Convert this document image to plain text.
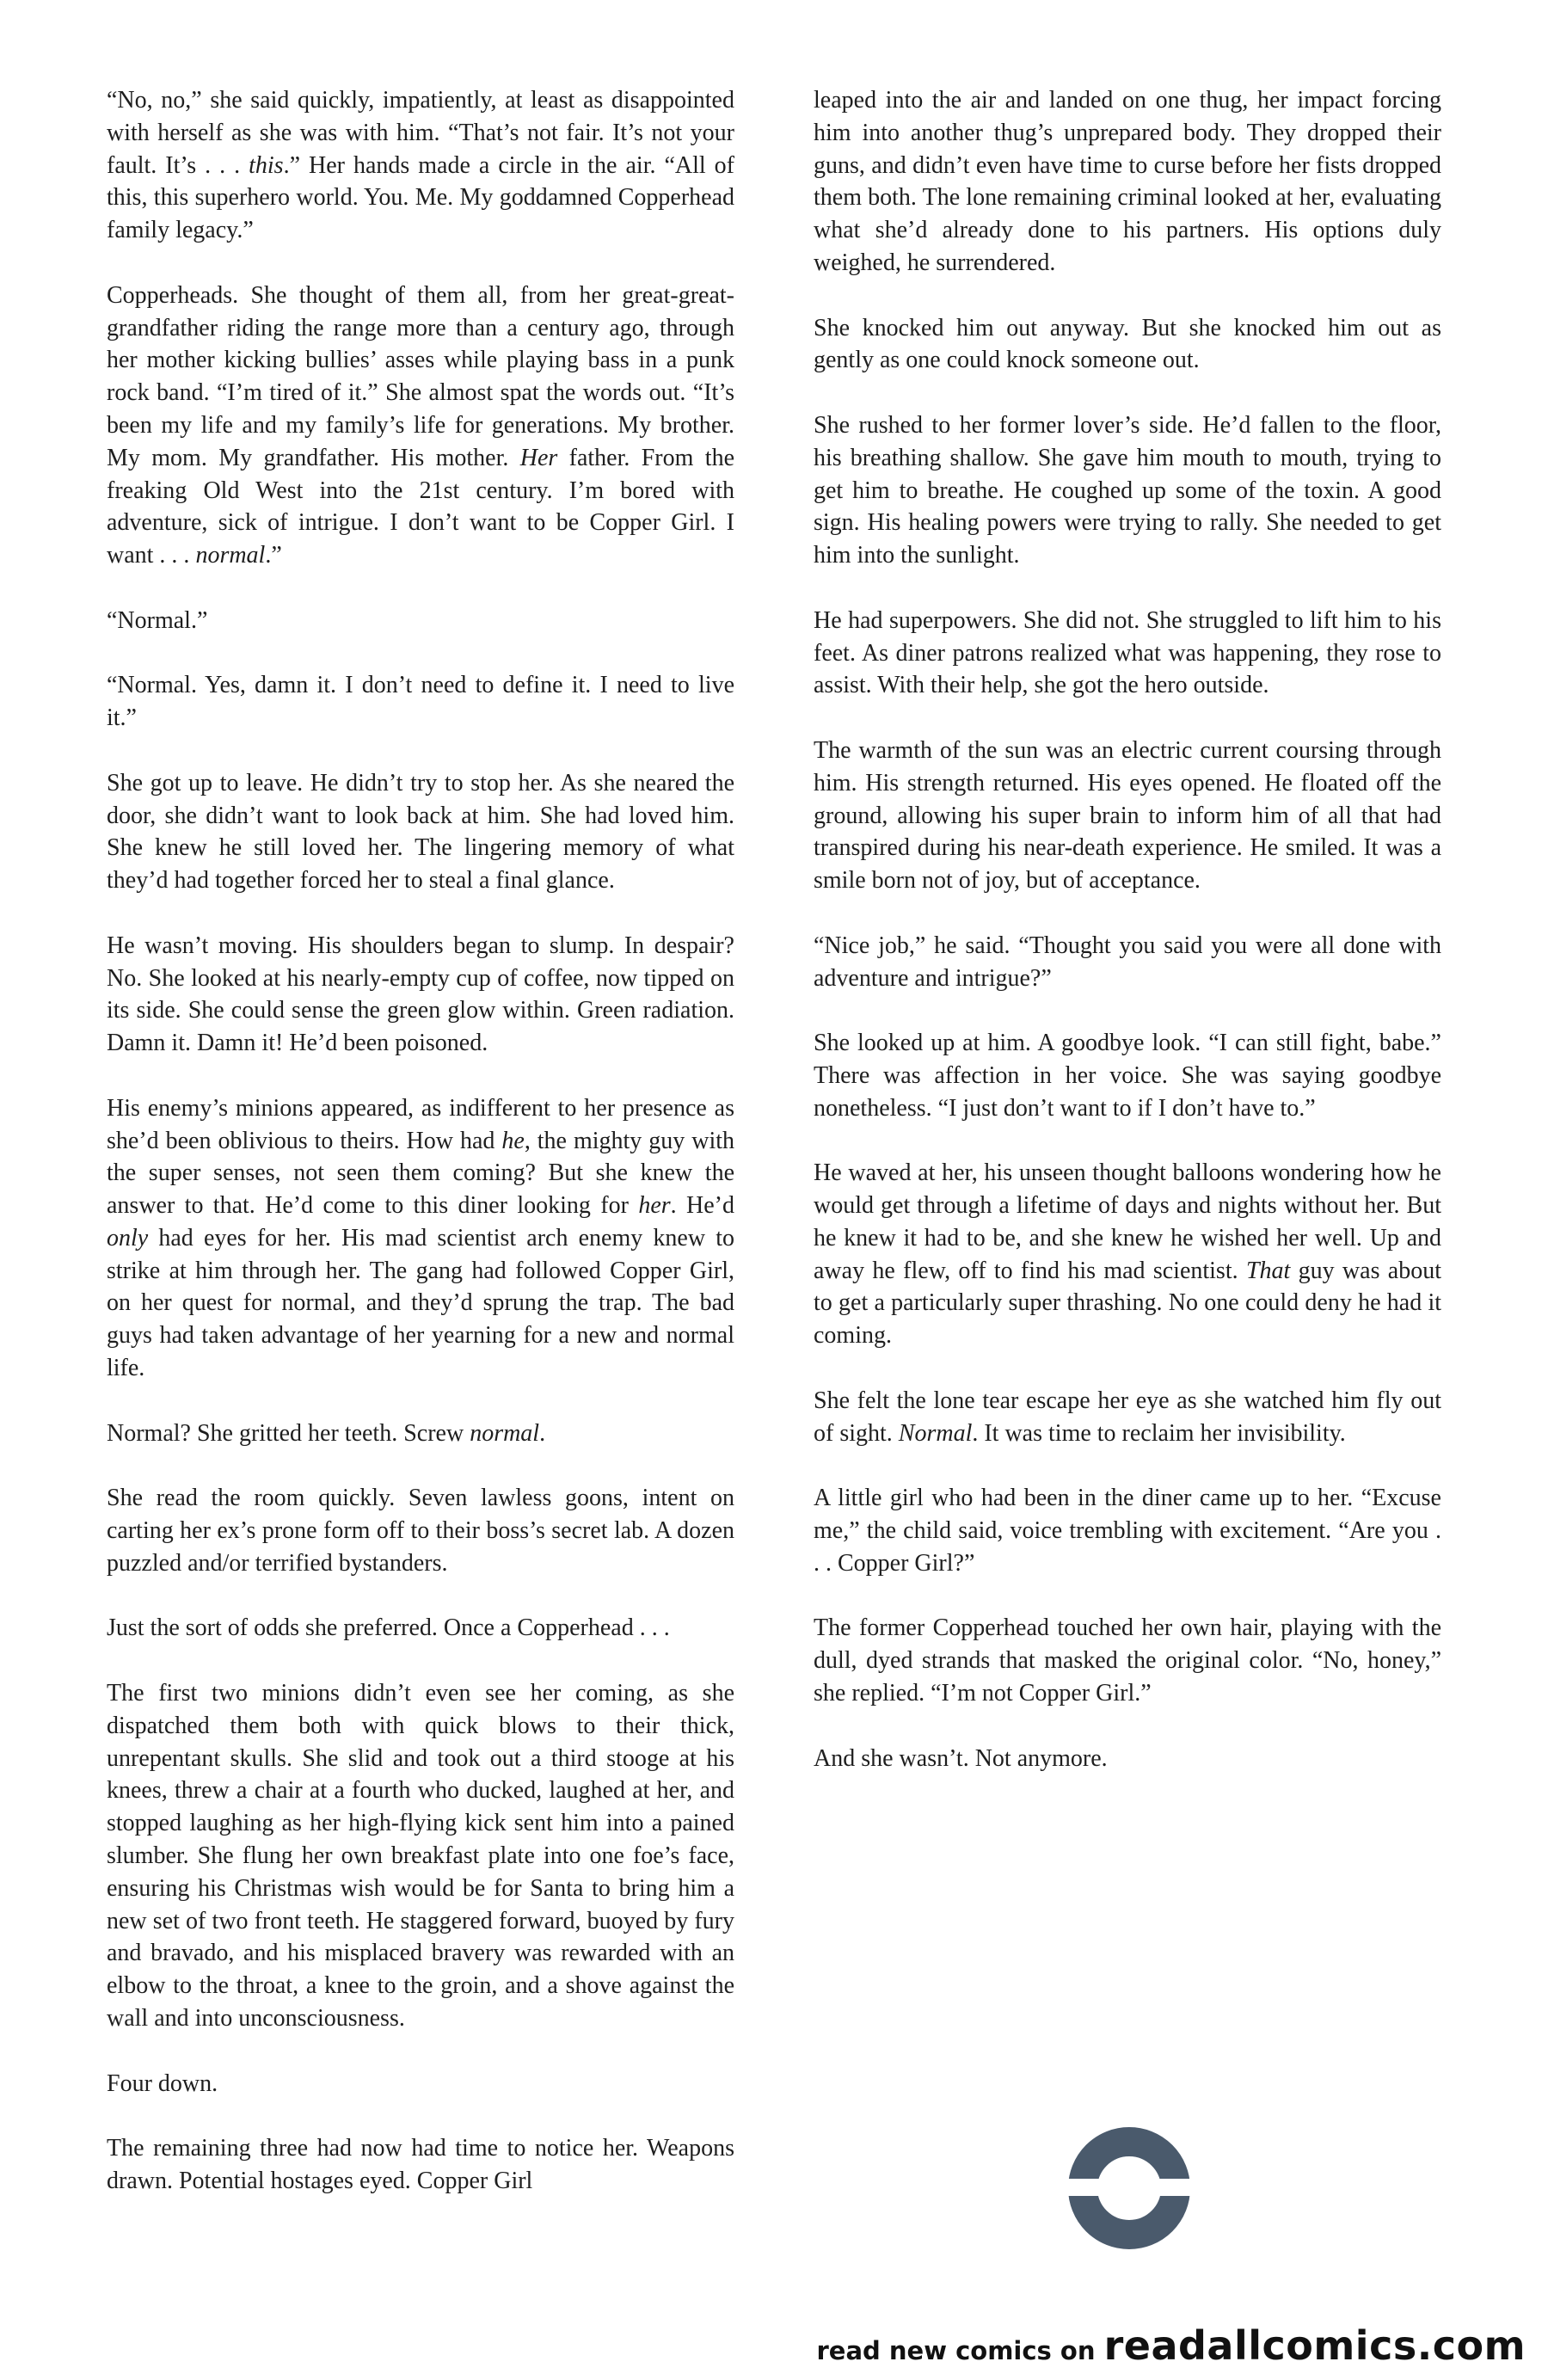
“No, no,” she said quickly, impatiently, at least as disappointed with herself as she was with him. “That’s not fair. It’s not your fault. It’s . . . this.” Her hands made a circle in the air. “All of this, this superhero world. You. Me. My goddamned Copperhead family legacy.”

Copperheads. She thought of them all, from her great-great-grandfather riding the range more than a century ago, through her mother kicking bullies’ asses while playing bass in a punk rock band. “I’m tired of it.” She almost spat the words out. “It’s been my life and my family’s life for generations. My brother. My mom. My grandfather. His mother. Her father. From the freaking Old West into the 21st century. I’m bored with adventure, sick of intrigue. I don’t want to be Copper Girl. I want . . . normal.”

“Normal.”

“Normal. Yes, damn it. I don’t need to define it. I need to live it.”

She got up to leave. He didn’t try to stop her. As she neared the door, she didn’t want to look back at him. She had loved him. She knew he still loved her. The lingering memory of what they’d had together forced her to steal a final glance.

He wasn’t moving. His shoulders began to slump. In despair? No. She looked at his nearly-empty cup of coffee, now tipped on its side. She could sense the green glow within. Green radiation. Damn it. Damn it! He’d been poisoned.

His enemy’s minions appeared, as indifferent to her presence as she’d been oblivious to theirs. How had he, the mighty guy with the super senses, not seen them coming? But she knew the answer to that. He’d come to this diner looking for her. He’d only had eyes for her. His mad scientist arch enemy knew to strike at him through her. The gang had followed Copper Girl, on her quest for normal, and they’d sprung the trap. The bad guys had taken advantage of her yearning for a new and normal life.

Normal? She gritted her teeth. Screw normal.

She read the room quickly. Seven lawless goons, intent on carting her ex’s prone form off to their boss’s secret lab. A dozen puzzled and/or terrified bystanders.

Just the sort of odds she preferred. Once a Copperhead . . .

The first two minions didn’t even see her coming, as she dispatched them both with quick blows to their thick, unrepentant skulls. She slid and took out a third stooge at his knees, threw a chair at a fourth who ducked, laughed at her, and stopped laughing as her high-flying kick sent him into a pained slumber. She flung her own breakfast plate into one foe’s face, ensuring his Christmas wish would be for Santa to bring him a new set of two front teeth. He staggered forward, buoyed by fury and bravado, and his misplaced bravery was rewarded with an elbow to the throat, a knee to the groin, and a shove against the wall and into unconsciousness.

Four down.

The remaining three had now had time to notice her. Weapons drawn. Potential hostages eyed. Copper Girl

leaped into the air and landed on one thug, her impact forcing him into another thug’s unprepared body. They dropped their guns, and didn’t even have time to curse before her fists dropped them both. The lone remaining criminal looked at her, evaluating what she’d already done to his partners. His options duly weighed, he surrendered.

She knocked him out anyway. But she knocked him out as gently as one could knock someone out.

She rushed to her former lover’s side. He’d fallen to the floor, his breathing shallow. She gave him mouth to mouth, trying to get him to breathe. He coughed up some of the toxin. A good sign. His healing powers were trying to rally. She needed to get him into the sunlight.

He had superpowers. She did not. She struggled to lift him to his feet. As diner patrons realized what was happening, they rose to assist. With their help, she got the hero outside.

The warmth of the sun was an electric current coursing through him. His strength returned. His eyes opened. He floated off the ground, allowing his super brain to inform him of all that had transpired during his near-death experience. He smiled. It was a smile born not of joy, but of acceptance.

“Nice job,” he said. “Thought you said you were all done with adventure and intrigue?”

She looked up at him. A goodbye look. “I can still fight, babe.” There was affection in her voice. She was saying goodbye nonetheless. “I just don’t want to if I don’t have to.”

He waved at her, his unseen thought balloons wondering how he would get through a lifetime of days and nights without her. But he knew it had to be, and she knew he wished her well. Up and away he flew, off to find his mad scientist. That guy was about to get a particularly super thrashing. No one could deny he had it coming.

She felt the lone tear escape her eye as she watched him fly out of sight. Normal. It was time to reclaim her invisibility.

A little girl who had been in the diner came up to her. “Excuse me,” the child said, voice trembling with excitement. “Are you . . . Copper Girl?”

The former Copperhead touched her own hair, playing with the dull, dyed strands that masked the original color. “No, honey,” she replied. “I’m not Copper Girl.”

And she wasn’t. Not anymore.

read new comics on readallcomics.com
